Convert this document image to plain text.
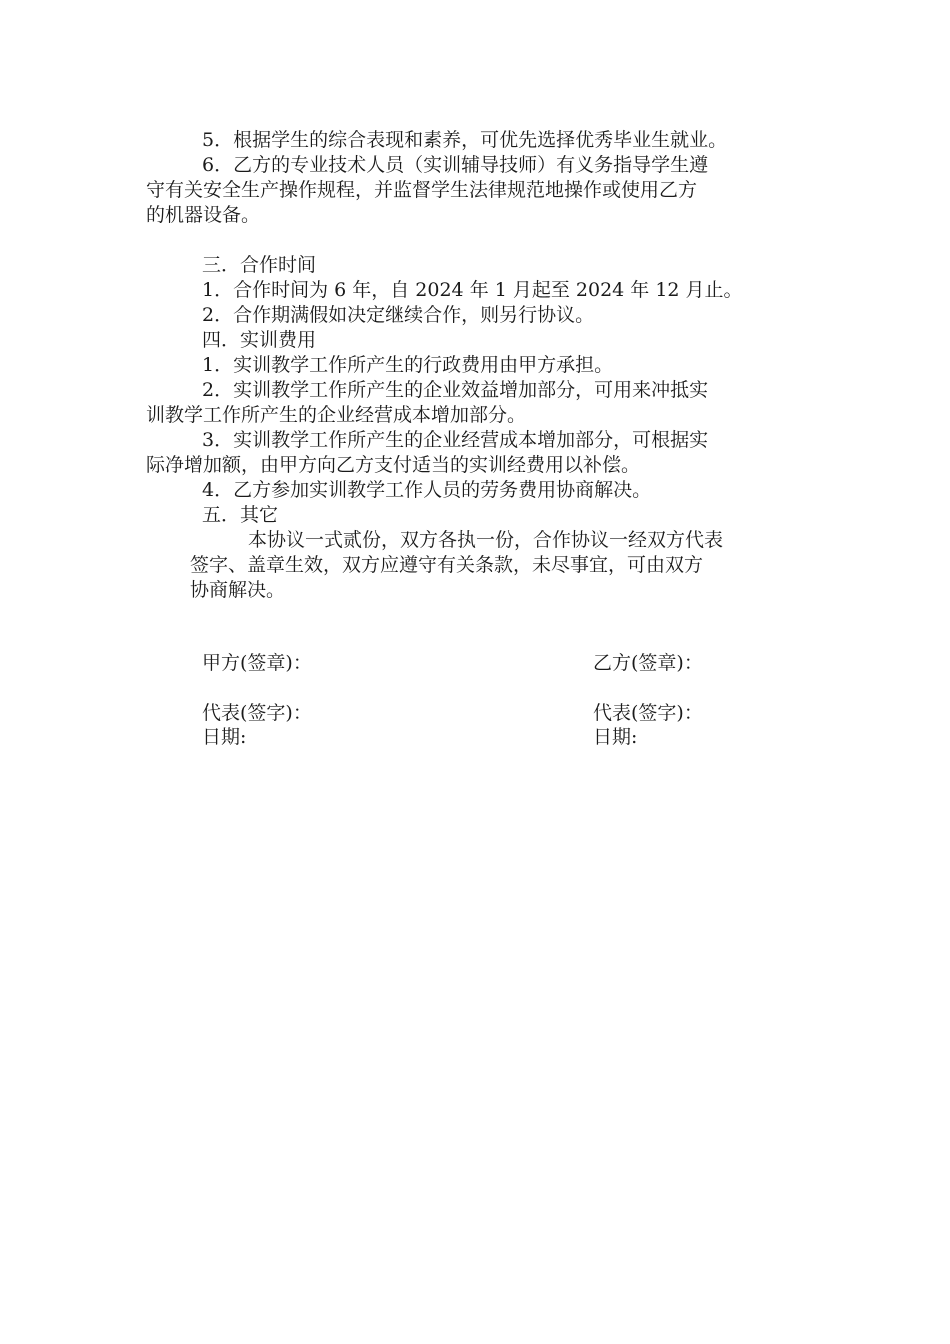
5．根据学生的综合表现和素养，可优先选择优秀毕业生就业。

6．乙方的专业技术人员（实训辅导技师）有义务指导学生遵

守有关安全生产操作规程，并监督学生法律规范地操作或使用乙方

的机器设备。

三．合作时间

1．合作时间为 6 年，自 2024 年 1 月起至 2024 年 12 月止。

2．合作期满假如决定继续合作，则另行协议。

四．实训费用

1．实训教学工作所产生的行政费用由甲方承担。

2．实训教学工作所产生的企业效益增加部分，可用来冲抵实

训教学工作所产生的企业经营成本增加部分。

3．实训教学工作所产生的企业经营成本增加部分，可根据实

际净增加额，由甲方向乙方支付适当的实训经费用以补偿。

4．乙方参加实训教学工作人员的劳务费用协商解决。

五．其它

本协议一式贰份，双方各执一份，合作协议一经双方代表

签字、盖章生效，双方应遵守有关条款，未尽事宜，可由双方

协商解决。

甲方(签章)：	乙方(签章)：
代表(签字)：	代表(签字)：
日期:	日期:
